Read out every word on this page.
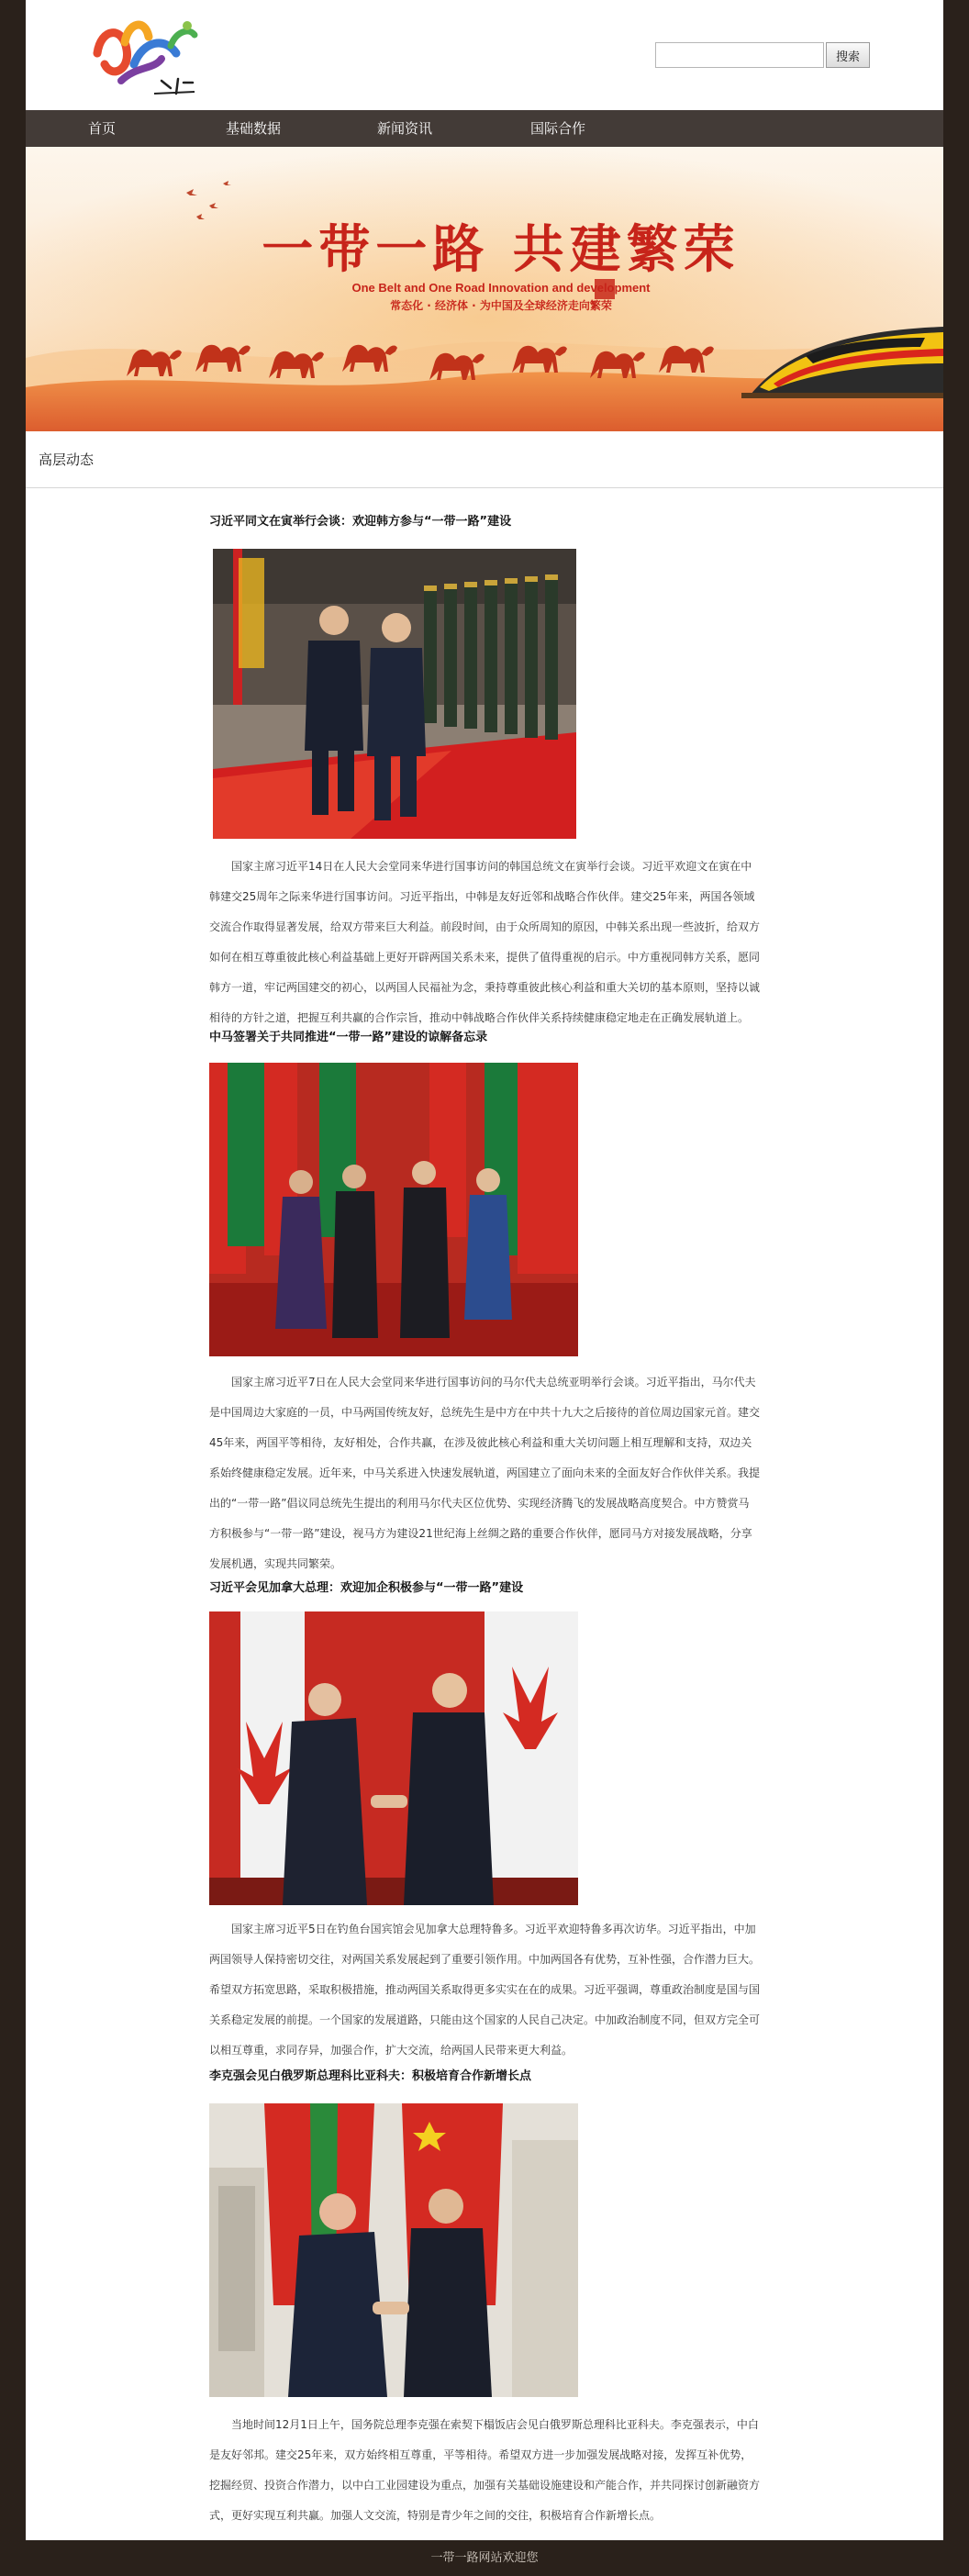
搜索
首页	基础数据	新闻资讯	国际合作
一带一路 共建繁荣
One Belt and One Road Innovation and development
常态化 · 经济体 · 为中国及全球经济走向繁荣
高层动态
习近平同文在寅举行会谈：欢迎韩方参与“一带一路”建设

国家主席习近平14日在人民大会堂同来华进行国事访问的韩国总统文在寅举行会谈。习近平欢迎文在寅在中韩建交25周年之际来华进行国事访问。习近平指出，中韩是友好近邻和战略合作伙伴。建交25年来，两国各领域交流合作取得显著发展，给双方带来巨大利益。前段时间，由于众所周知的原因，中韩关系出现一些波折，给双方如何在相互尊重彼此核心利益基础上更好开辟两国关系未来，提供了值得重视的启示。中方重视同韩方关系，愿同韩方一道，牢记两国建交的初心，以两国人民福祉为念，秉持尊重彼此核心利益和重大关切的基本原则，坚持以诚相待的方针之道，把握互利共赢的合作宗旨，推动中韩战略合作伙伴关系持续健康稳定地走在正确发展轨道上。

中马签署关于共同推进“一带一路”建设的谅解备忘录

国家主席习近平7日在人民大会堂同来华进行国事访问的马尔代夫总统亚明举行会谈。习近平指出，马尔代夫是中国周边大家庭的一员，中马两国传统友好，总统先生是中方在中共十九大之后接待的首位周边国家元首。建交45年来，两国平等相待，友好相处，合作共赢，在涉及彼此核心利益和重大关切问题上相互理解和支持，双边关系始终健康稳定发展。近年来，中马关系进入快速发展轨道，两国建立了面向未来的全面友好合作伙伴关系。我提出的“一带一路”倡议同总统先生提出的利用马尔代夫区位优势、实现经济腾飞的发展战略高度契合。中方赞赏马方积极参与“一带一路”建设，视马方为建设21世纪海上丝绸之路的重要合作伙伴，愿同马方对接发展战略，分享发展机遇，实现共同繁荣。

习近平会见加拿大总理：欢迎加企积极参与“一带一路”建设

国家主席习近平5日在钓鱼台国宾馆会见加拿大总理特鲁多。习近平欢迎特鲁多再次访华。习近平指出，中加两国领导人保持密切交往，对两国关系发展起到了重要引领作用。中加两国各有优势，互补性强，合作潜力巨大。希望双方拓宽思路，采取积极措施，推动两国关系取得更多实实在在的成果。习近平强调，尊重政治制度是国与国关系稳定发展的前提。一个国家的发展道路，只能由这个国家的人民自己决定。中加政治制度不同，但双方完全可以相互尊重，求同存异，加强合作，扩大交流，给两国人民带来更大利益。

李克强会见白俄罗斯总理科比亚科夫：积极培育合作新增长点

当地时间12月1日上午，国务院总理李克强在索契下榻饭店会见白俄罗斯总理科比亚科夫。李克强表示，中白是友好邻邦。建交25年来，双方始终相互尊重，平等相待。希望双方进一步加强发展战略对接，发挥互补优势，挖掘经贸、投资合作潜力，以中白工业园建设为重点，加强有关基础设施建设和产能合作，并共同探讨创新融资方式，更好实现互利共赢。加强人文交流，特别是青少年之间的交往，积极培育合作新增长点。

一带一路网站欢迎您
